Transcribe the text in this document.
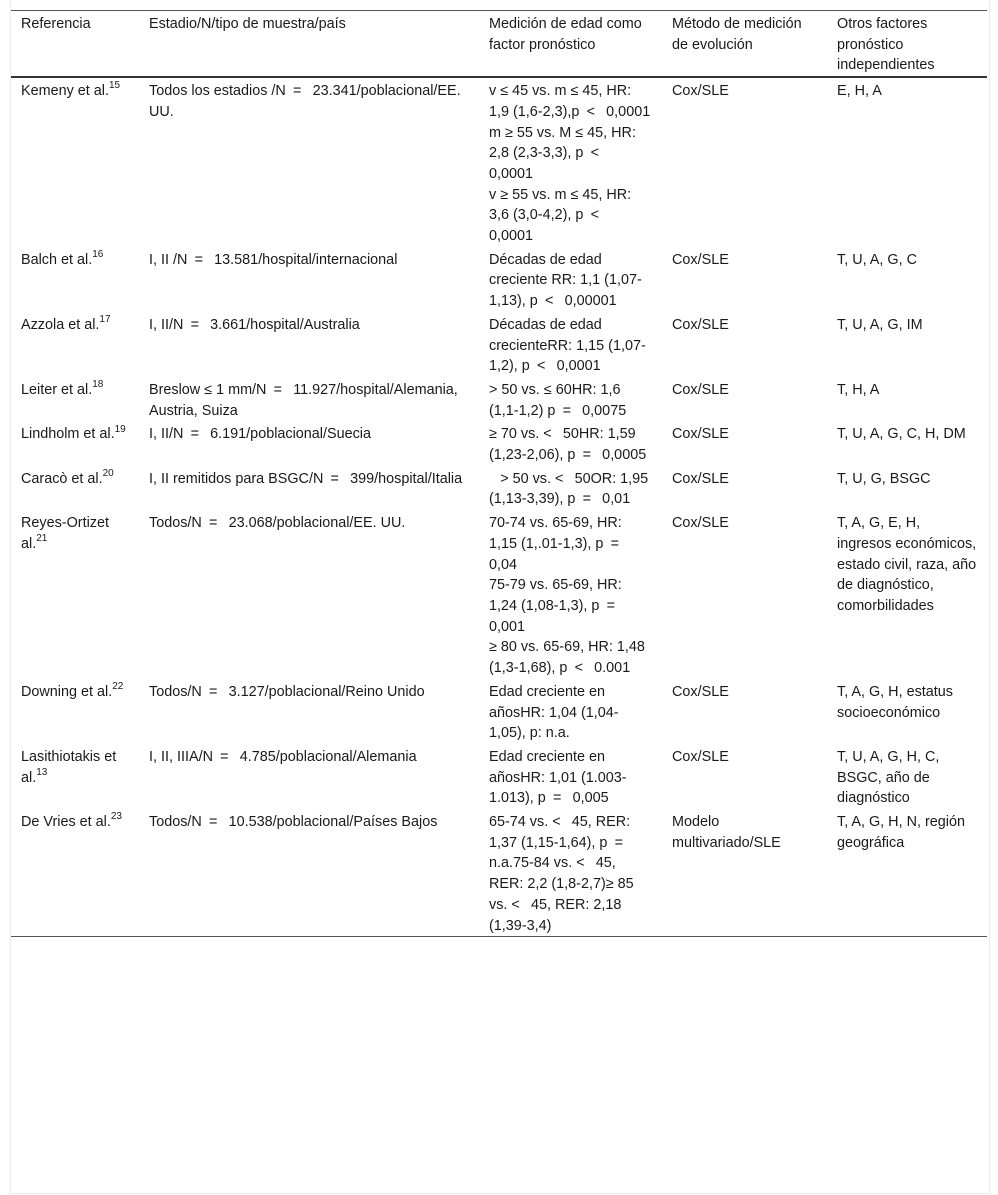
Referencia	Estadio/N/tipo de muestra/país	Medición de edad como factor pronóstico	Método de medición de evolución	Otros factores pronóstico independientes
Kemeny et al.$^{15}$	Todos los estadios /N =  23.341/poblacional/EE. UU.	v ≤ 45 vs. m ≤ 45, HR: 1,9 (1,6-2,3),p <  0,0001
m ≥ 55 vs. M ≤ 45, HR: 2,8 (2,3-3,3), p <  0,0001
v ≥ 55 vs. m ≤ 45, HR: 3,6 (3,0-4,2), p <  0,0001	Cox/SLE	E, H, A
Balch et al.$^{16}$	I, II /N =  13.581/hospital/internacional	Décadas de edad creciente RR: 1,1 (1,07-1,13), p <  0,00001	Cox/SLE	T, U, A, G, C
Azzola et al.$^{17}$	I, II/N =  3.661/hospital/Australia	Décadas de edad crecienteRR: 1,15 (1,07-1,2), p <  0,0001	Cox/SLE	T, U, A, G, IM
Leiter et al.$^{18}$	Breslow ≤ 1 mm/N =  11.927/hospital/Alemania, Austria, Suiza	> 50 vs. ≤ 60HR: 1,6 (1,1-1,2) p =  0,0075	Cox/SLE	T, H, A
Lindholm et al.$^{19}$	I, II/N =  6.191/poblacional/Suecia	≥ 70 vs. <  50HR: 1,59 (1,23-2,06), p =  0,0005	Cox/SLE	T, U, A, G, C, H, DM
Caracò et al.$^{20}$	I, II remitidos para BSGC/N =  399/hospital/Italia	  > 50 vs. <  50OR: 1,95 (1,13-3,39), p =  0,01	Cox/SLE	T, U, G, BSGC
Reyes-Ortizet al.$^{21}$	Todos/N =  23.068/poblacional/EE. UU.	70-74 vs. 65-69, HR: 1,15 (1,.01-1,3), p =  0,04
75-79 vs. 65-69, HR: 1,24 (1,08-1,3), p =  0,001
≥ 80 vs. 65-69, HR: 1,48 (1,3-1,68), p <  0.001	Cox/SLE	T, A, G, E, H, ingresos económicos, estado civil, raza, año de diagnóstico, comorbilidades
Downing et al.$^{22}$	Todos/N =  3.127/poblacional/Reino Unido	Edad creciente en añosHR: 1,04 (1,04-1,05), p: n.a.	Cox/SLE	T, A, G, H, estatus socioeconómico
Lasithiotakis et al.$^{13}$	I, II, IIIA/N =  4.785/poblacional/Alemania	Edad creciente en añosHR: 1,01 (1.003-1.013), p =  0,005	Cox/SLE	T, U, A, G, H, C, BSGC, año de diagnóstico
De Vries et al.$^{23}$	Todos/N =  10.538/poblacional/Países Bajos	65-74 vs. <  45, RER: 1,37 (1,15-1,64), p =  n.a.75-84 vs. <  45, RER: 2,2 (1,8-2,7)≥ 85 vs. <  45, RER: 2,18 (1,39-3,4)	Modelo multivariado/SLE	T, A, G, H, N, región geográfica
